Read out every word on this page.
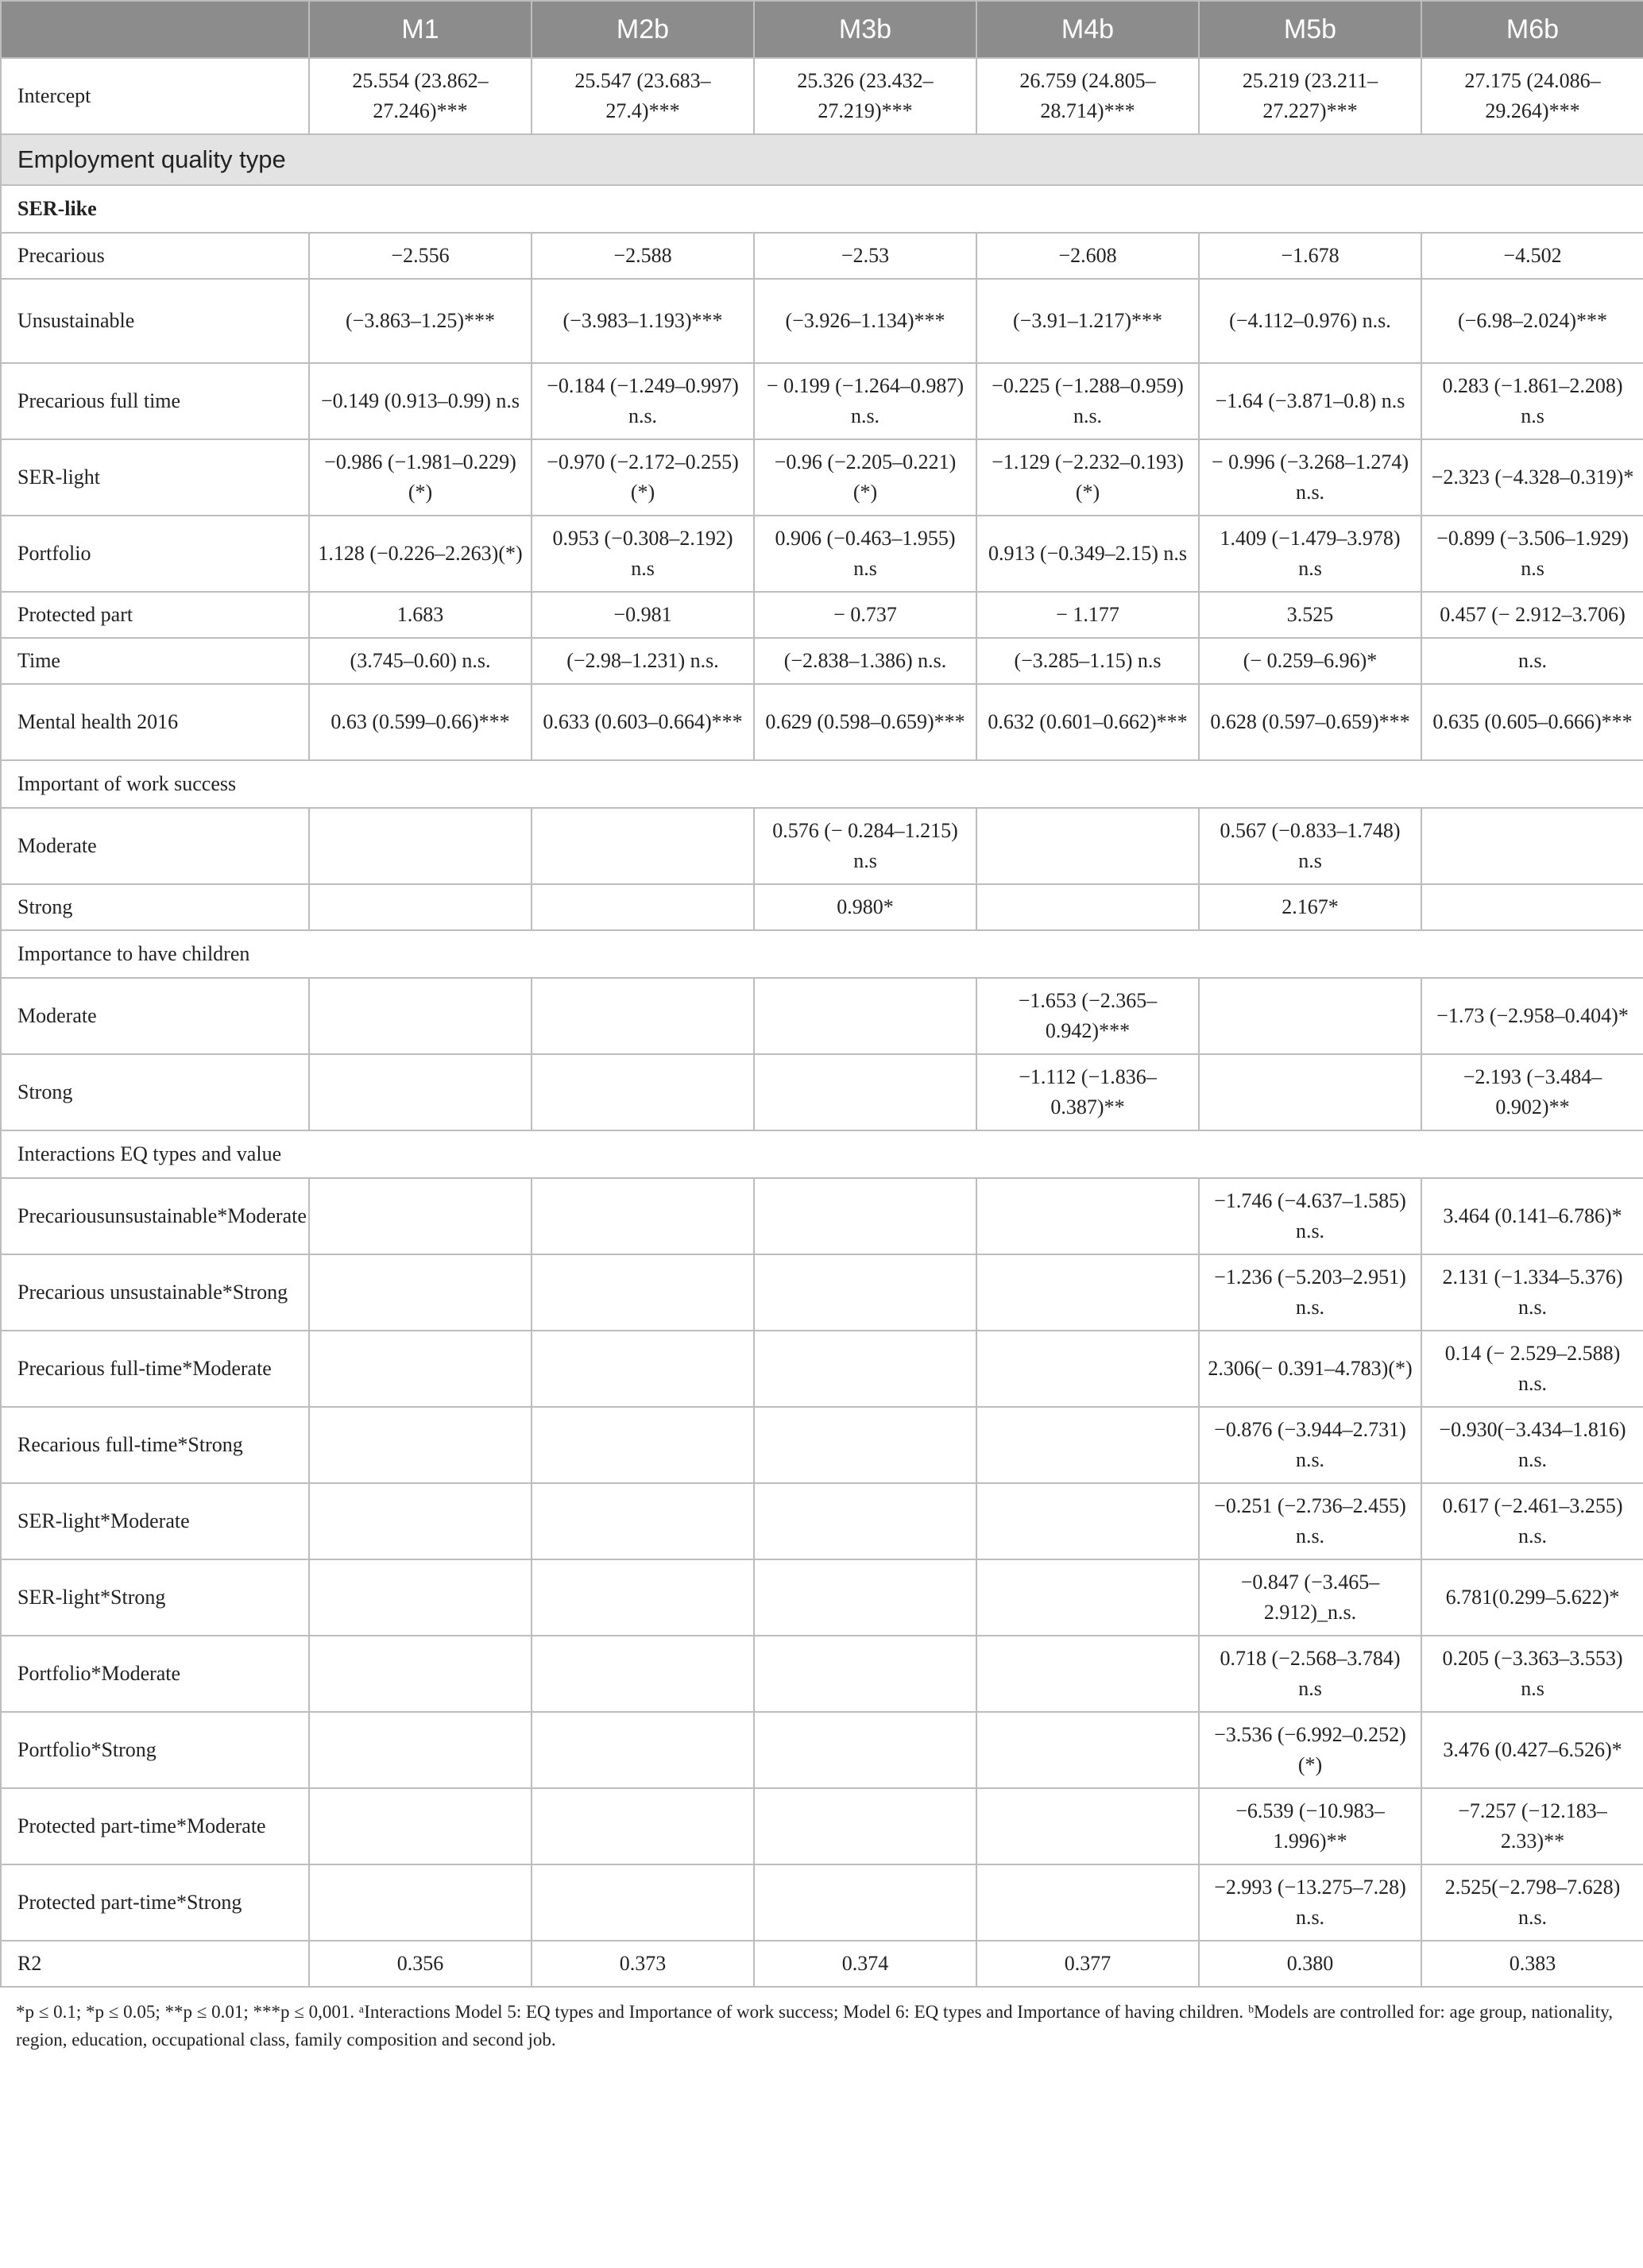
	M1	M2b	M3b	M4b	M5b	M6b
Intercept	25.554 (23.862–27.246)***	25.547 (23.683–27.4)***	25.326 (23.432–27.219)***	26.759 (24.805–28.714)***	25.219 (23.211–27.227)***	27.175 (24.086–29.264)***
Employment quality type						
SER-like						
Precarious	−2.556	−2.588	−2.53	−2.608	−1.678	−4.502
Unsustainable	(−3.863–1.25)***	(−3.983–1.193)***	(−3.926–1.134)***	(−3.91–1.217)***	(−4.112–0.976) n.s.	(−6.98–2.024)***
Precarious full time	−0.149 (0.913–0.99) n.s	−0.184 (−1.249–0.997) n.s.	− 0.199 (−1.264–0.987) n.s.	−0.225 (−1.288–0.959) n.s.	−1.64 (−3.871–0.8) n.s	0.283 (−1.861–2.208) n.s
SER-light	−0.986 (−1.981–0.229) (*)	−0.970 (−2.172–0.255) (*)	−0.96 (−2.205–0.221) (*)	−1.129 (−2.232–0.193) (*)	− 0.996 (−3.268–1.274) n.s.	−2.323 (−4.328–0.319)*
Portfolio	1.128 (−0.226–2.263)(*)	0.953 (−0.308–2.192) n.s	0.906 (−0.463–1.955) n.s	0.913 (−0.349–2.15) n.s	1.409 (−1.479–3.978) n.s	−0.899 (−3.506–1.929) n.s
Protected part	1.683	−0.981	− 0.737	− 1.177	3.525	0.457 (− 2.912–3.706)
Time	(3.745–0.60) n.s.	(−2.98–1.231) n.s.	(−2.838–1.386) n.s.	(−3.285–1.15) n.s	(− 0.259–6.96)*	n.s.
Mental health 2016	0.63 (0.599–0.66)***	0.633 (0.603–0.664)***	0.629 (0.598–0.659)***	0.632 (0.601–0.662)***	0.628 (0.597–0.659)***	0.635 (0.605–0.666)***
Important of work success						
Moderate			0.576 (− 0.284–1.215) n.s		0.567 (−0.833–1.748) n.s	
Strong			0.980*		2.167*	
Importance to have children						
Moderate				−1.653 (−2.365–0.942)***		−1.73 (−2.958–0.404)*
Strong				−1.112 (−1.836–0.387)**		−2.193 (−3.484–0.902)**
Interactions EQ types and value						
Precariousunsustainable*Moderate					−1.746 (−4.637–1.585) n.s.	3.464 (0.141–6.786)*
Precarious unsustainable*Strong					−1.236 (−5.203–2.951) n.s.	2.131 (−1.334–5.376) n.s.
Precarious full-time*Moderate					2.306(− 0.391–4.783)(*)	0.14 (− 2.529–2.588) n.s.
Recarious full-time*Strong					−0.876 (−3.944–2.731) n.s.	−0.930(−3.434–1.816) n.s.
SER-light*Moderate					−0.251 (−2.736–2.455) n.s.	0.617 (−2.461–3.255) n.s.
SER-light*Strong					−0.847 (−3.465–2.912)_n.s.	6.781(0.299–5.622)*
Portfolio*Moderate					0.718 (−2.568–3.784) n.s	0.205 (−3.363–3.553) n.s
Portfolio*Strong					−3.536 (−6.992–0.252)(*)	3.476 (0.427–6.526)*
Protected part-time*Moderate					−6.539 (−10.983–1.996)**	−7.257 (−12.183–2.33)**
Protected part-time*Strong					−2.993 (−13.275–7.28) n.s.	2.525(−2.798–7.628) n.s.
R2	0.356	0.373	0.374	0.377	0.380	0.383
*p ≤ 0.1; *p ≤ 0.05; **p ≤ 0.01; ***p ≤ 0,001. ᵃInteractions Model 5: EQ types and Importance of work success; Model 6: EQ types and Importance of having children. ᵇModels are controlled for: age group, nationality, region, education, occupational class, family composition and second job.
